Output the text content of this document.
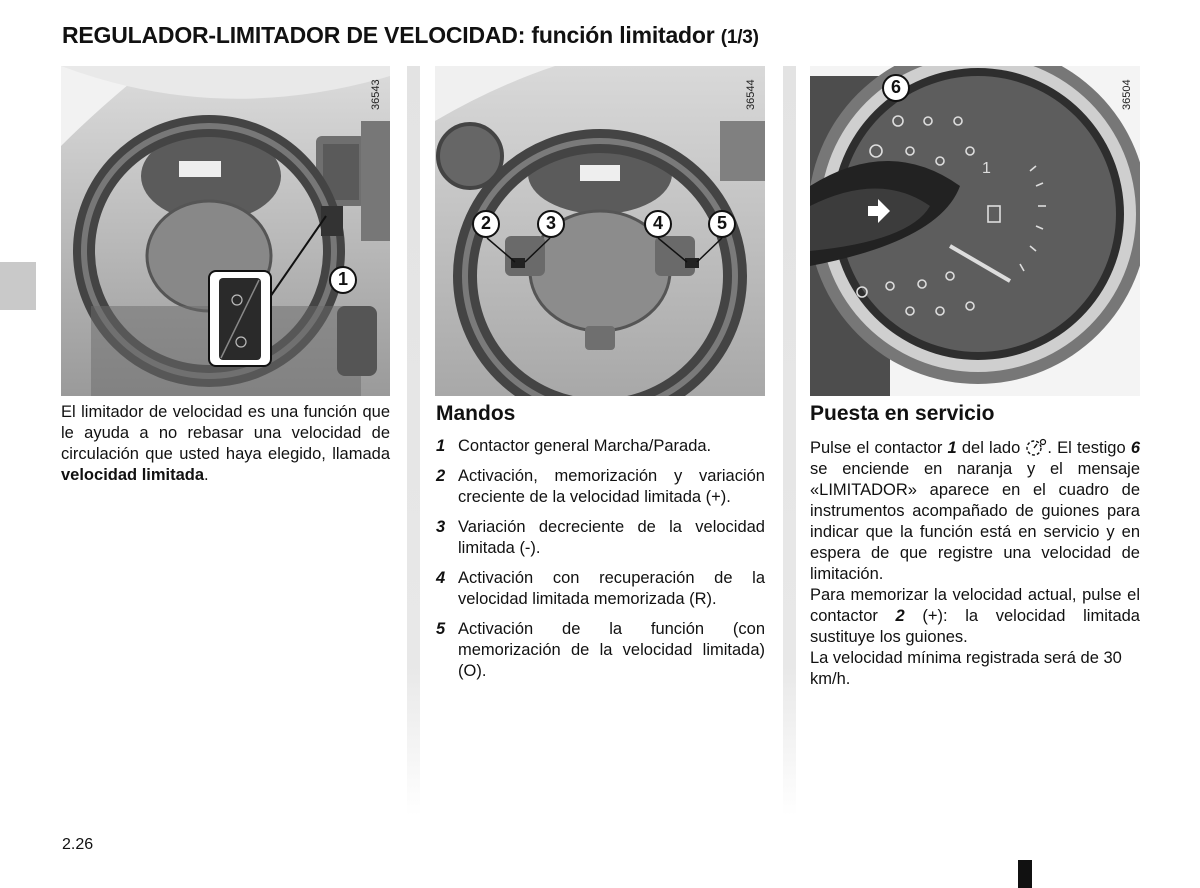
REGULADOR-LIMITADOR DE VELOCIDAD: función limitador (1/3)
36543
1
36544
2	3	4	5
1
36504
6

El limitador de velocidad es una función que le ayuda a no rebasar una velocidad de circulación que usted haya elegido, llamada velocidad limitada.

Mandos
1 Contactor general Marcha/Parada.
2 Activación, memorización y variación creciente de la velocidad limitada (+).
3 Variación decreciente de la velocidad limitada (-).
4 Activación con recuperación de la velocidad limitada memorizada (R).
5 Activación de la función (con memorización de la velocidad limitada) (O).
Puesta en servicio

Pulse el contactor 1 del lado . El testigo 6 se enciende en naranja y el mensaje «LIMITADOR» aparece en el cuadro de instrumentos acompañado de guiones para indicar que la función está en servicio y en espera de que registre una velocidad de limitación.

Para memorizar la velocidad actual, pulse el contactor 2 (+): la velocidad limitada sustituye los guiones.

La velocidad mínima registrada será de 30 km/h.

2.26
